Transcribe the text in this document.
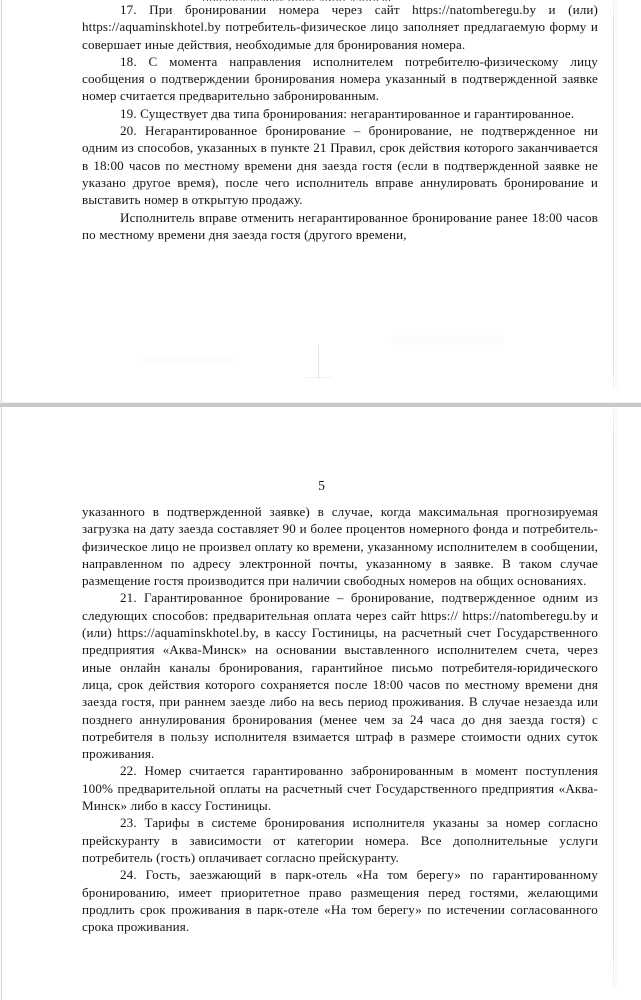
17. При бронировании номера через сайт https://natomberegu.by и (или) https://aquaminskhotel.by потребитель-физическое лицо заполняет предлагаемую форму и совершает иные действия, необходимые для бронирования номера.

18. С момента направления исполнителем потребителю-физическому лицу сообщения о подтверждении бронирования номера указанный в подтвержденной заявке номер считается предварительно забронированным.

19. Существует два типа бронирования: негарантированное и гарантированное.

20. Негарантированное бронирование – бронирование, не подтвержденное ни одним из способов, указанных в пункте 21 Правил, срок действия которого заканчивается в 18:00 часов по местному времени дня заезда гостя (если в подтвержденной заявке не указано другое время), после чего исполнитель вправе аннулировать бронирование и выставить номер в открытую продажу.

Исполнитель вправе отменить негарантированное бронирование ранее 18:00 часов по местному времени дня заезда гостя (другого времени,

5

указанного в подтвержденной заявке) в случае, когда максимальная прогнозируемая загрузка на дату заезда составляет 90 и более процентов номерного фонда и потребитель-физическое лицо не произвел оплату ко времени, указанному исполнителем в сообщении, направленном по адресу электронной почты, указанному в заявке. В таком случае размещение гостя производится при наличии свободных номеров на общих основаниях.

21. Гарантированное бронирование – бронирование, подтвержденное одним из следующих способов: предварительная оплата через сайт https:// https://natomberegu.by и (или) https://aquaminskhotel.by, в кассу Гостиницы, на расчетный счет Государственного предприятия «Аква-Минск» на основании выставленного исполнителем счета, через иные онлайн каналы бронирования, гарантийное письмо потребителя-юридического лица, срок действия которого сохраняется после 18:00 часов по местному времени дня заезда гостя, при раннем заезде либо на весь период проживания. В случае незаезда или позднего аннулирования бронирования (менее чем за 24 часа до дня заезда гостя) с потребителя в пользу исполнителя взимается штраф в размере стоимости одних суток проживания.

22. Номер считается гарантированно забронированным в момент поступления 100% предварительной оплаты на расчетный счет Государственного предприятия «Аква-Минск» либо в кассу Гостиницы.

23. Тарифы в системе бронирования исполнителя указаны за номер согласно прейскуранту в зависимости от категории номера. Все дополнительные услуги потребитель (гость) оплачивает согласно прейскуранту.

24. Гость, заезжающий в парк-отель «На том берегу» по гарантированному бронированию, имеет приоритетное право размещения перед гостями, желающими продлить срок проживания в парк-отеле «На том берегу» по истечении согласованного срока проживания.
